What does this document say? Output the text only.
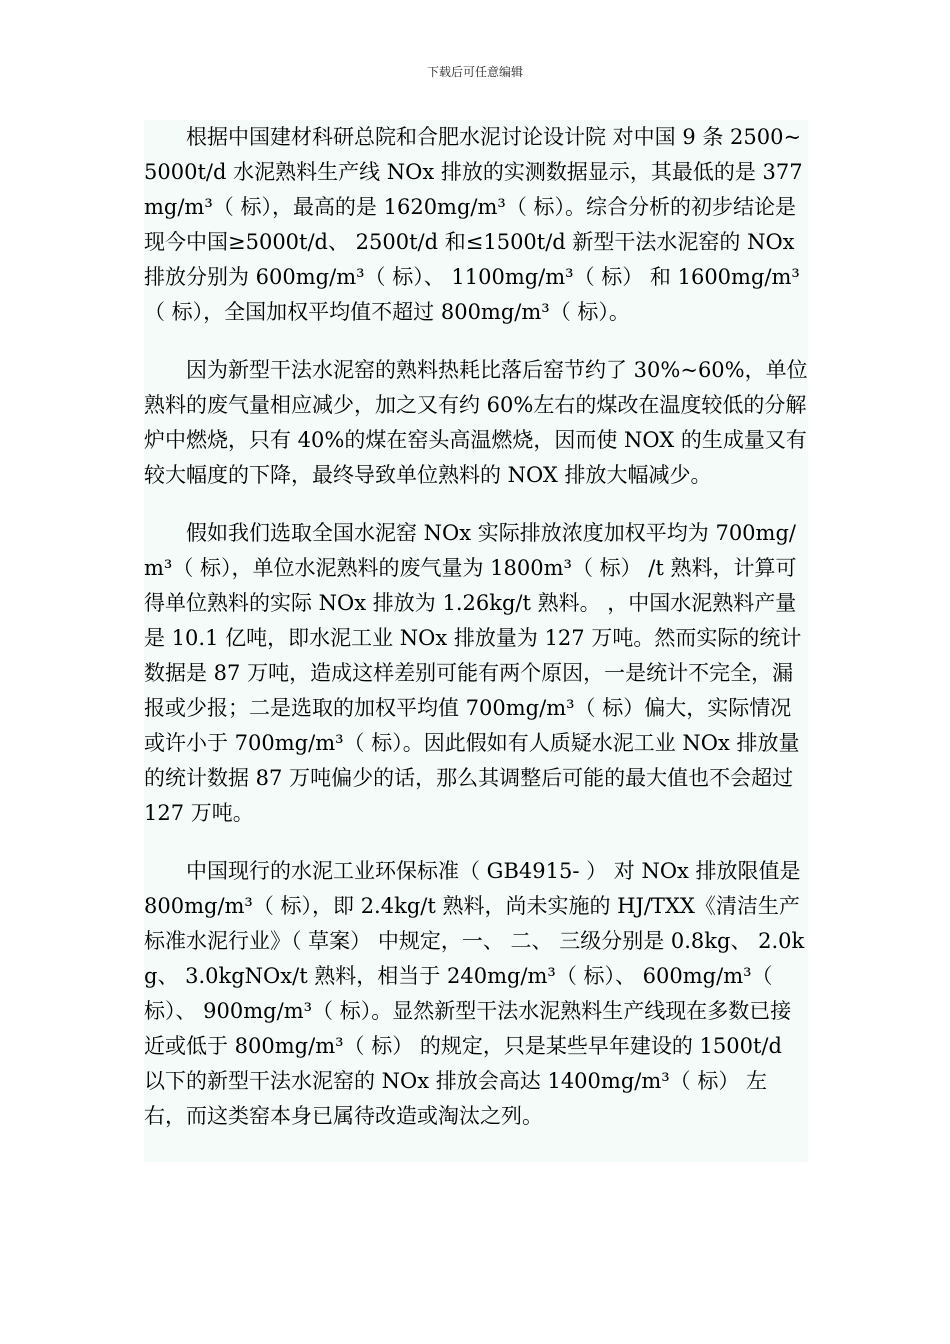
下载后可任意编辑

根据中国建材科研总院和合肥水泥讨论设计院 对中国 9 条 2500~5000t/d 水泥熟料生产线 NOx 排放的实测数据显示，其最低的是 377mg/m³（ 标），最高的是 1620mg/m³（ 标）。综合分析的初步结论是现今中国≥5000t/d、 2500t/d 和≤1500t/d 新型干法水泥窑的 NOx 排放分别为 600mg/m³（ 标）、 1100mg/m³（ 标） 和 1600mg/m³（ 标），全国加权平均值不超过 800mg/m³（ 标）。

因为新型干法水泥窑的熟料热耗比落后窑节约了 30%~60%，单位熟料的废气量相应减少，加之又有约 60%左右的煤改在温度较低的分解炉中燃烧，只有 40%的煤在窑头高温燃烧，因而使 NOX 的生成量又有较大幅度的下降，最终导致单位熟料的 NOX 排放大幅减少。

假如我们选取全国水泥窑 NOx 实际排放浓度加权平均为 700mg/m³（ 标），单位水泥熟料的废气量为 1800m³（ 标） /t 熟料，计算可得单位熟料的实际 NOx 排放为 1.26kg/t 熟料。 ，中国水泥熟料产量是 10.1 亿吨，即水泥工业 NOx 排放量为 127 万吨。然而实际的统计数据是 87 万吨，造成这样差别可能有两个原因，一是统计不完全，漏报或少报；二是选取的加权平均值 700mg/m³（ 标）偏大，实际情况或许小于 700mg/m³（ 标）。因此假如有人质疑水泥工业 NOx 排放量的统计数据 87 万吨偏少的话，那么其调整后可能的最大值也不会超过 127 万吨。

中国现行的水泥工业环保标准（ GB4915- ） 对 NOx 排放限值是 800mg/m³（ 标），即 2.4kg/t 熟料，尚未实施的 HJ/TXX《清洁生产标准水泥行业》（ 草案） 中规定，一、 二、 三级分别是 0.8kg、 2.0kg、 3.0kgNOx/t 熟料，相当于 240mg/m³（ 标）、 600mg/m³（ 标）、 900mg/m³（ 标）。显然新型干法水泥熟料生产线现在多数已接近或低于 800mg/m³（ 标） 的规定，只是某些早年建设的 1500t/d 以下的新型干法水泥窑的 NOx 排放会高达 1400mg/m³（ 标） 左右，而这类窑本身已属待改造或淘汰之列。
